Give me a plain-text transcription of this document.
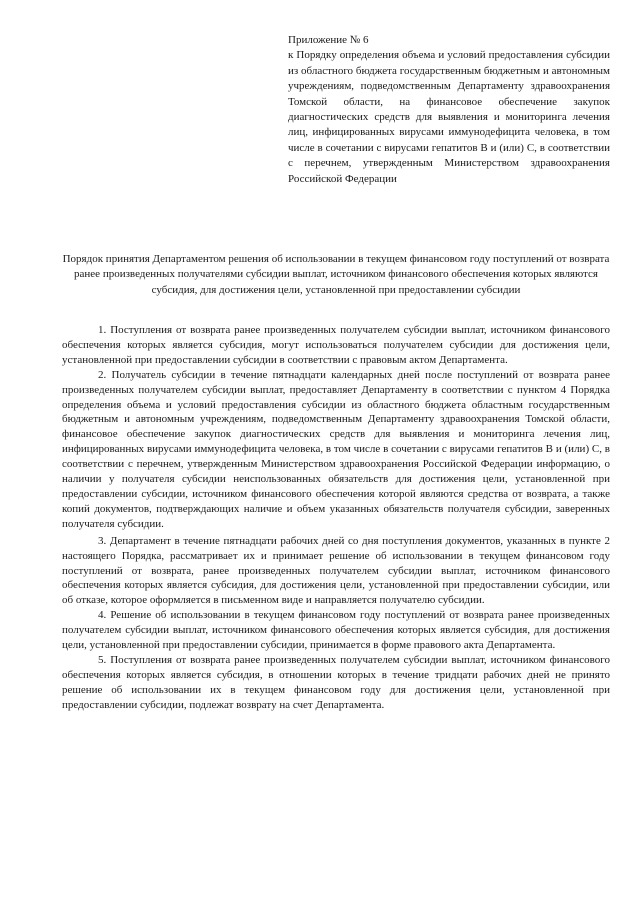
Приложение № 6
к Порядку определения объема и условий предоставления субсидии из областного бюджета государственным бюджетным и автономным учреждениям, подведомственным Департаменту здравоохранения Томской области, на финансовое обеспечение закупок диагностических средств для выявления и мониторинга лечения лиц, инфицированных вирусами иммунодефицита человека, в том числе в сочетании с вирусами гепатитов B и (или) C, в соответствии с перечнем, утвержденным Министерством здравоохранения Российской Федерации
Порядок принятия Департаментом решения об использовании в текущем финансовом году поступлений от возврата ранее произведенных получателями субсидии выплат, источником финансового обеспечения которых являются субсидия, для достижения цели, установленной при предоставлении субсидии

1. Поступления от возврата ранее произведенных получателем субсидии выплат, источником финансового обеспечения которых является субсидия, могут использоваться получателем субсидии для достижения цели, установленной при предоставлении субсидии в соответствии с правовым актом Департамента.

2. Получатель субсидии в течение пятнадцати календарных дней после поступлений от возврата ранее произведенных получателем субсидии выплат, предоставляет Департаменту в соответствии с пунктом 4 Порядка определения объема и условий предоставления субсидии из областного бюджета областным государственным бюджетным и автономным учреждениям, подведомственным Департаменту здравоохранения Томской области, финансовое обеспечение закупок диагностических средств для выявления и мониторинга лечения лиц, инфицированных вирусами иммунодефицита человека, в том числе в сочетании с вирусами гепатитов B и (или) C, в соответствии с перечнем, утвержденным Министерством здравоохранения Российской Федерации информацию, о наличии у получателя субсидии неиспользованных обязательств для достижения цели, установленной при предоставлении субсидии, источником финансового обеспечения которой являются средства от возврата, а также копий документов, подтверждающих наличие и объем указанных обязательств получателя субсидии, заверенных получателя субсидии.

3. Департамент в течение пятнадцати рабочих дней со дня поступления документов, указанных в пункте 2 настоящего Порядка, рассматривает их и принимает решение об использовании в текущем финансовом году поступлений от возврата, ранее произведенных получателем субсидии выплат, источником финансового обеспечения которых является субсидия, для достижения цели, установленной при предоставлении субсидии, или об отказе, которое оформляется в письменном виде и направляется получателю субсидии.

4. Решение об использовании в текущем финансовом году поступлений от возврата ранее произведенных получателем субсидии выплат, источником финансового обеспечения которых является субсидия, для достижения цели, установленной при предоставлении субсидии, принимается в форме правового акта Департамента.

5. Поступления от возврата ранее произведенных получателем субсидии выплат, источником финансового обеспечения которых является субсидия, в отношении которых в течение тридцати рабочих дней не принято решение об использовании их в текущем финансовом году для достижения цели, установленной при предоставлении субсидии, подлежат возврату на счет Департамента.
